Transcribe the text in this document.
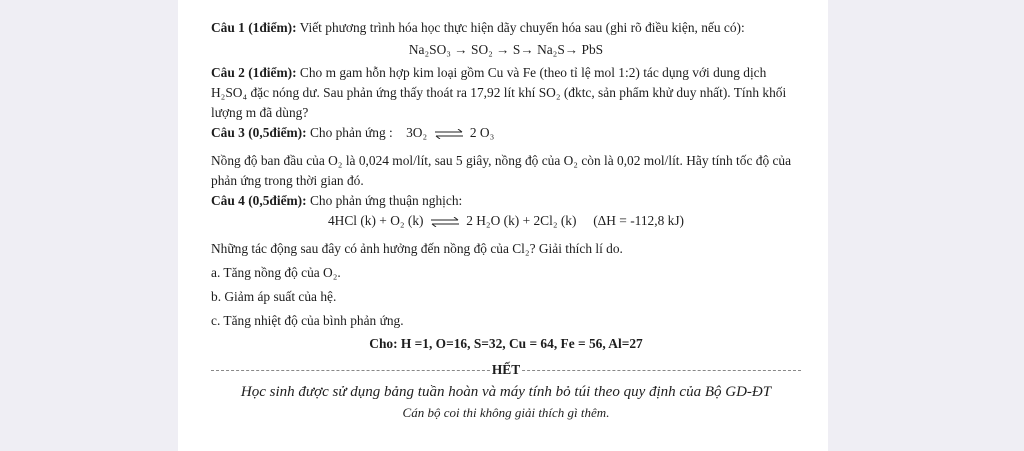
Câu 1 (1điểm): Viết phương trình hóa học thực hiện dãy chuyển hóa sau (ghi rõ điều kiện, nếu có):

Na₂SO₃ → SO₂ → S→ Na₂S→ PbS

Câu 2 (1điểm): Cho m gam hỗn hợp kim loại gồm Cu và Fe (theo tỉ lệ mol 1:2) tác dụng với dung dịch H₂SO₄ đặc nóng dư. Sau phản ứng thấy thoát ra 17,92 lít khí SO₂ (đktc, sản phẩm khử duy nhất). Tính khối lượng m đã dùng?

Câu 3 (0,5điểm): Cho phản ứng : 3O₂ ⇌ 2 O₃

Nồng độ ban đầu của O₂ là 0,024 mol/lít, sau 5 giây, nồng độ của O₂ còn là 0,02 mol/lít. Hãy tính tốc độ của phản ứng trong thời gian đó.

Câu 4 (0,5điểm): Cho phản ứng thuận nghịch:

4HCl (k) + O₂ (k) ⇌ 2 H₂O (k) + 2Cl₂ (k) (ΔH = -112,8 kJ)

Những tác động sau đây có ảnh hưởng đến nồng độ của Cl₂? Giải thích lí do.

a. Tăng nồng độ của O₂.

b. Giảm áp suất của hệ.

c. Tăng nhiệt độ của bình phản ứng.

Cho: H =1, O=16, S=32, Cu = 64, Fe = 56, Al=27

HẾT

Học sinh được sử dụng bảng tuần hoàn và máy tính bỏ túi theo quy định của Bộ GD-ĐT

Cán bộ coi thi không giải thích gì thêm.
